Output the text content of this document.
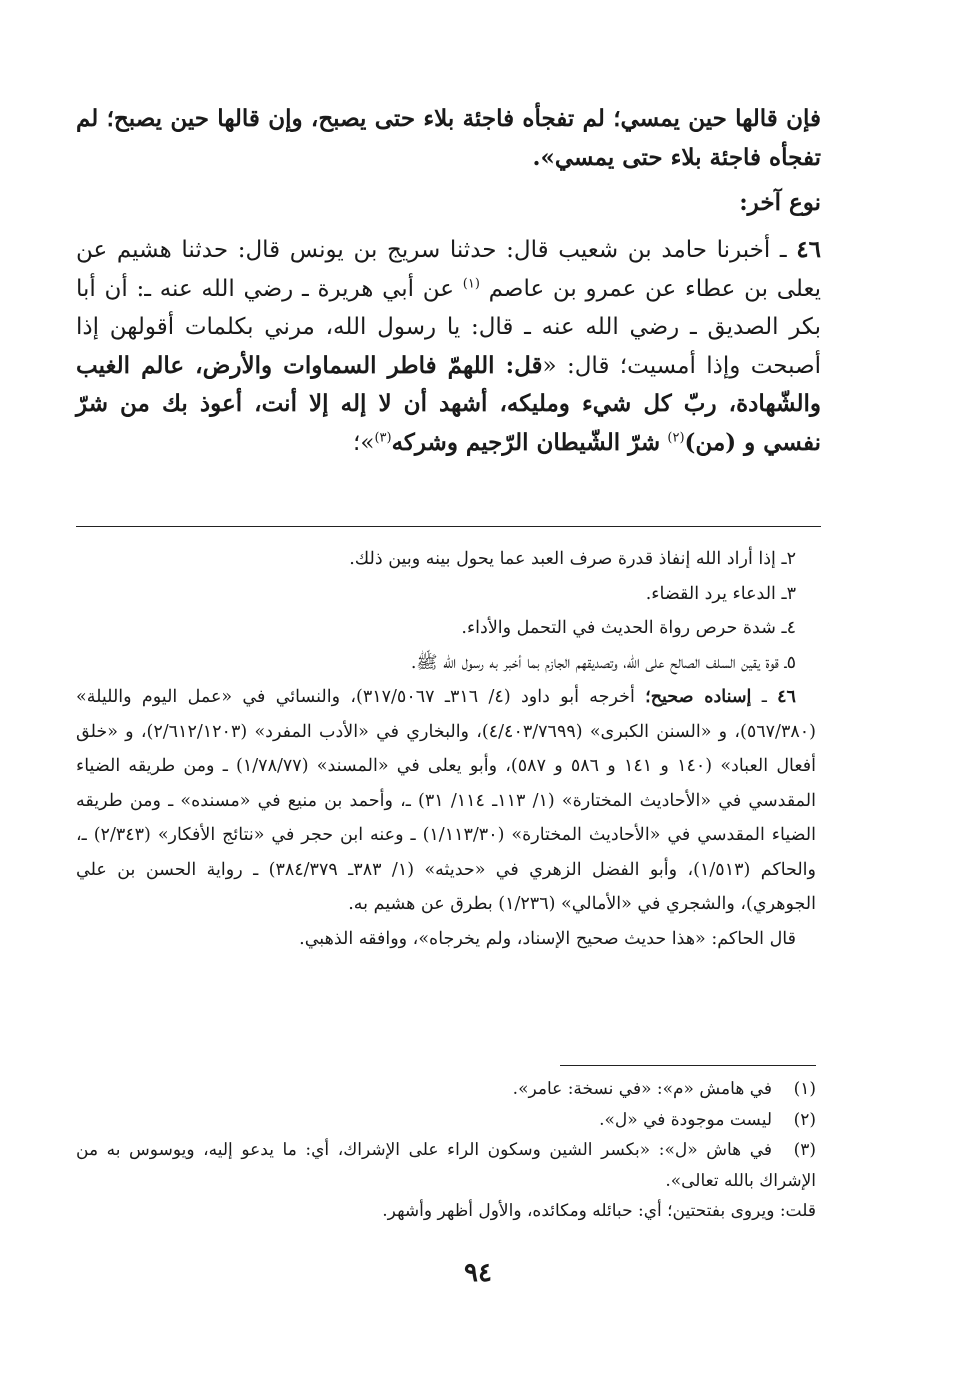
فإن قالها حين يمسي؛ لم تفجأه فاجئة بلاء حتى يصبح، وإن قالها حين يصبح؛ لم تفجأه فاجئة بلاء حتى يمسي».

نوع آخر:

٤٦ ـ أخبرنا حامد بن شعيب قال: حدثنا سريج بن يونس قال: حدثنا هشيم عن يعلى بن عطاء عن عمرو بن عاصم $^{(١)}$ عن أبي هريرة ـ رضي الله عنه ـ: أن أبا بكر الصديق ـ رضي الله عنه ـ قال: يا رسول الله، مرني بكلمات أقولهن إذا أصبحت وإذا أمسيت؛ قال: «قل: اللهمّ فاطر السماوات والأرض، عالم الغيب والشّهادة، ربّ كل شيء ومليكه، أشهد أن لا إله إلا أنت، أعوذ بك من شرّ نفسي و (من)$^{(٢)}$ شرّ الشّيطان الرّجيم وشركه$^{(٣)}$»؛

٢ـ إذا أراد الله إنفاذ قدرة صرف العبد عما يحول بينه وبين ذلك.

٣ـ الدعاء يرد القضاء.

٤ـ شدة حرص رواة الحديث في التحمل والأداء.

٥ـ قوة يقين السلف الصالح على الله، وتصديقهم الجازم بما أخبر به رسول الله ﷺ.

٤٦ ـ إسناده صحيح؛ أخرجه أبو داود (٤/ ٣١٦ـ ٣١٧/٥٠٦٧)، والنسائي في «عمل اليوم والليلة» (٥٦٧/٣٨٠)، و «السنن الكبرى» (٤/٤٠٣/٧٦٩٩)، والبخاري في «الأدب المفرد» (٢/٦١٢/١٢٠٣)، و «خلق أفعال العباد» (١٤٠ و ١٤١ و ٥٨٦ و ٥٨٧)، وأبو يعلى في «المسند» (١/٧٨/٧٧) ـ ومن طريقه الضياء المقدسي في «الأحاديث المختارة» (١/ ١١٣ـ ١١٤/ ٣١) ـ، وأحمد بن منيع في «مسنده» ـ ومن طريقه الضياء المقدسي في «الأحاديث المختارة» (١/١١٣/٣٠) ـ وعنه ابن حجر في «نتائج الأفكار» (٢/٣٤٣) ـ، والحاكم (١/٥١٣)، وأبو الفضل الزهري في «حديثه» (١/ ٣٨٣ـ ٣٨٤/٣٧٩) ـ رواية الحسن بن علي الجوهري)، والشجري في «الأمالي» (١/٢٣٦) بطرق عن هشيم به.

قال الحاكم: «هذا حديث صحيح الإسناد، ولم يخرجاه»، ووافقه الذهبي.

(١)في هامش «م»: «في نسخة: عامر».

(٢)ليست موجودة في «ل».

(٣)في هاش «ل»: «بكسر الشين وسكون الراء على الإشراك، أي: ما يدعو إليه، ويوسوس به من الإشراك بالله تعالى».

قلت: ويروى بفتحتين؛ أي: حبائله ومكائده، والأول أظهر وأشهر.

٩٤
